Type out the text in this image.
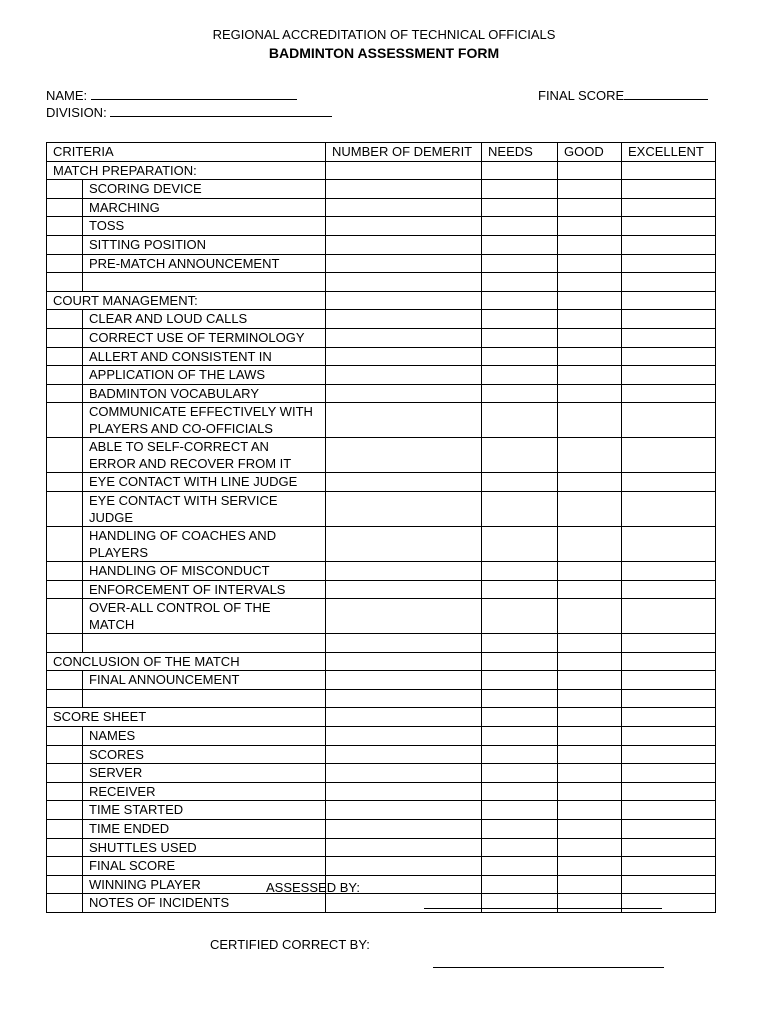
REGIONAL ACCREDITATION OF TECHNICAL OFFICIALS
BADMINTON ASSESSMENT FORM
NAME:
DIVISION:
FINAL SCORE
CRITERIA		NUMBER OF DEMERIT	NEEDS	GOOD	EXCELLENT
MATCH PREPARATION:					
	SCORING DEVICE				
	MARCHING				
	TOSS				
	SITTING POSITION				
	PRE-MATCH ANNOUNCEMENT				

COURT MANAGEMENT:					
	CLEAR AND LOUD CALLS				
	CORRECT USE OF TERMINOLOGY				
	ALLERT AND CONSISTENT IN				
	APPLICATION OF THE LAWS				
	BADMINTON VOCABULARY				
	COMMUNICATE EFFECTIVELY WITH PLAYERS AND CO-OFFICIALS				
	ABLE TO SELF-CORRECT AN ERROR AND RECOVER FROM IT				
	EYE CONTACT WITH LINE JUDGE				
	EYE CONTACT WITH SERVICE JUDGE				
	HANDLING OF COACHES AND PLAYERS				
	HANDLING OF MISCONDUCT				
	ENFORCEMENT OF INTERVALS				
	OVER-ALL CONTROL OF THE MATCH				

CONCLUSION OF THE MATCH					
	FINAL ANNOUNCEMENT				

SCORE SHEET					
	NAMES				
	SCORES				
	SERVER				
	RECEIVER				
	TIME STARTED				
	TIME ENDED				
	SHUTTLES USED				
	FINAL SCORE				
	WINNING PLAYER				
	NOTES OF INCIDENTS				
ASSESSED BY:
CERTIFIED CORRECT BY:
